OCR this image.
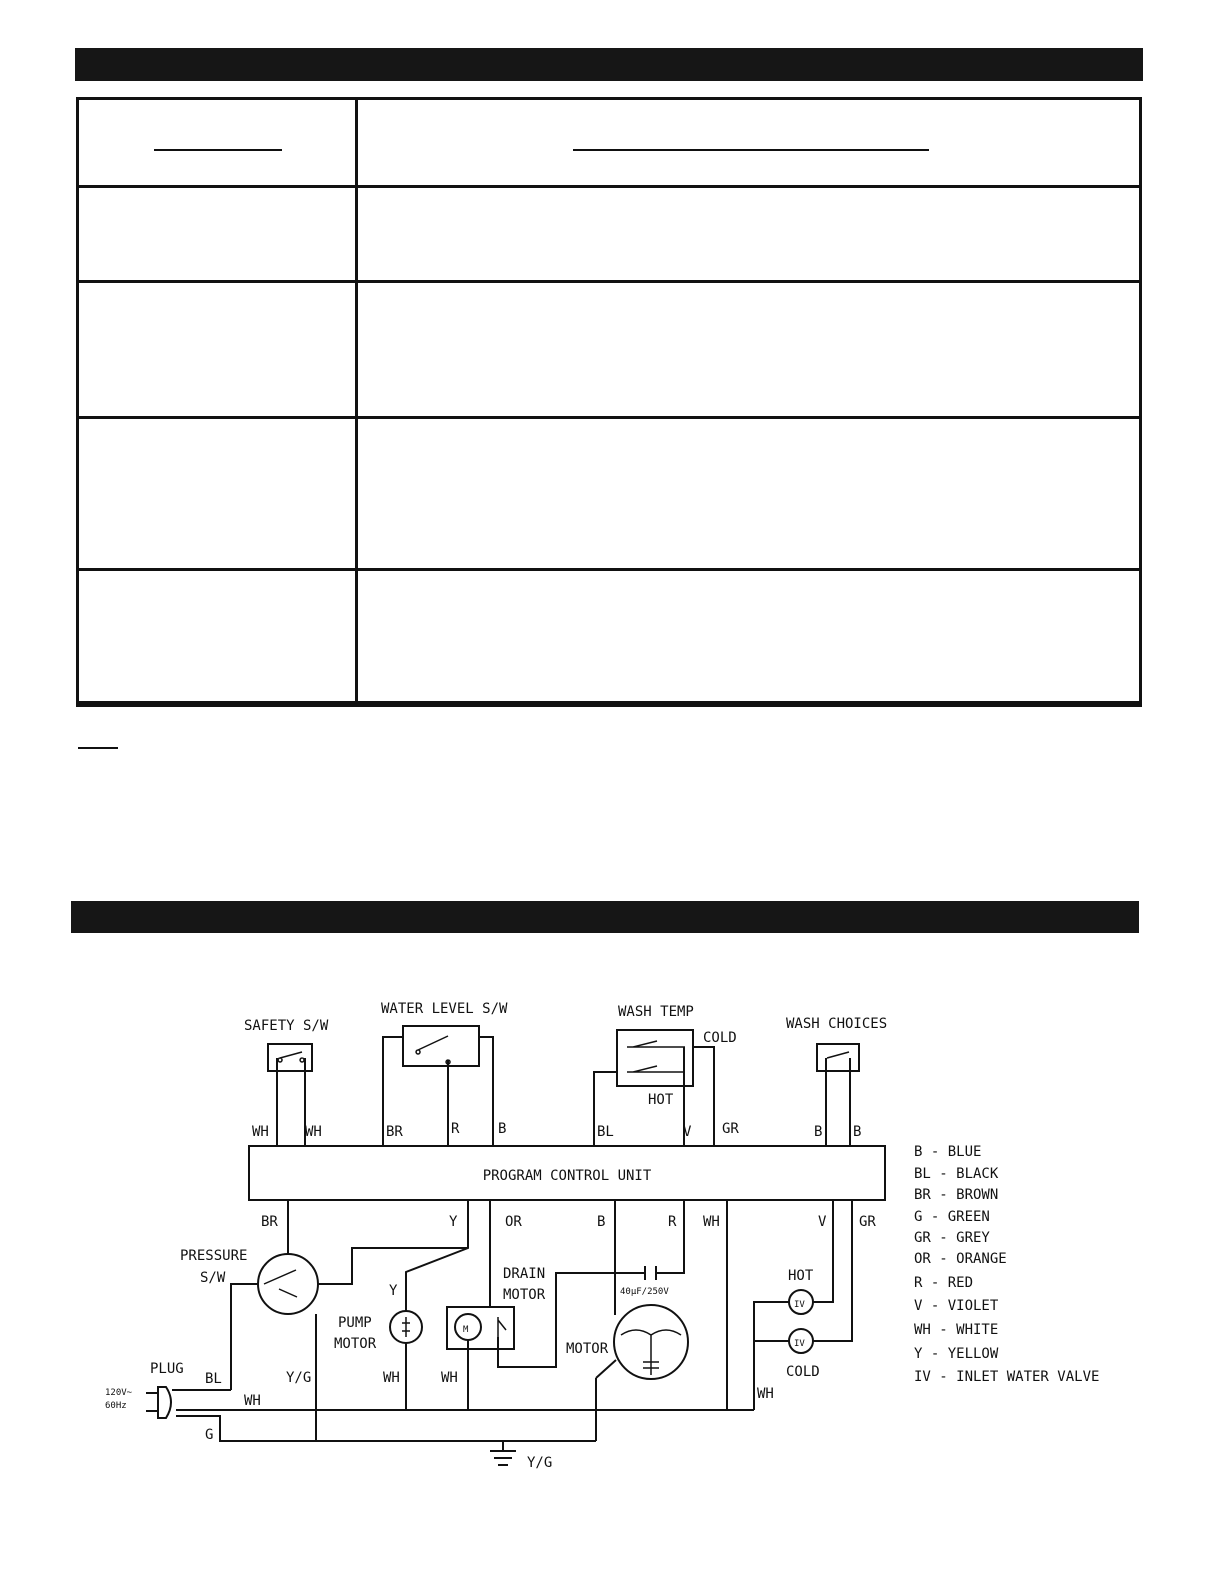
PROGRAM CONTROL UNIT
SAFETY S/W
WH	WH
WATER LEVEL S/W
BR	R	B
WASH TEMP
COLD
HOT
BL	V GR
WASH CHOICES
B B
BR	Y	OR	B	R WH	V GR
PRESSURE
S/W
Y
PUMP
MOTOR
WH
DRAIN
MOTOR
M
WH
40μF/250V
MOTOR
HOT
IV
IV
COLD
WH
PLUG
120V~
60Hz
BL	Y/G
WH
G
Y/G
B - BLUE
BL - BLACK
BR - BROWN
G - GREEN
GR - GREY
OR - ORANGE
R - RED
V - VIOLET
WH - WHITE
Y - YELLOW
IV - INLET WATER VALVE
